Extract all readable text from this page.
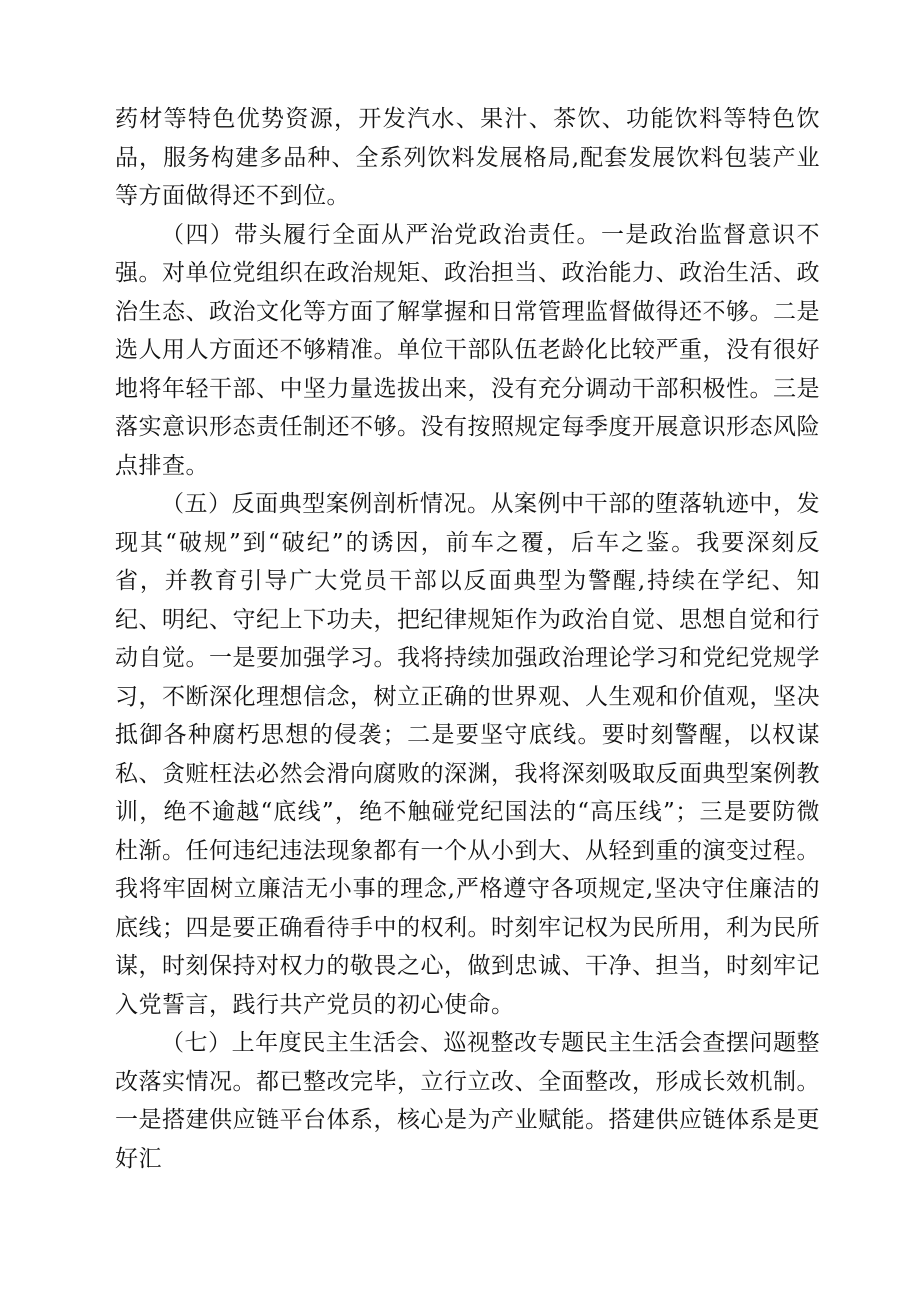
药材等特色优势资源，开发汽水、果汁、茶饮、功能饮料等特色饮品，服务构建多品种、全系列饮料发展格局,配套发展饮料包装产业等方面做得还不到位。

（四）带头履行全面从严治党政治责任。一是政治监督意识不强。对单位党组织在政治规矩、政治担当、政治能力、政治生活、政治生态、政治文化等方面了解掌握和日常管理监督做得还不够。二是选人用人方面还不够精准。单位干部队伍老龄化比较严重，没有很好地将年轻干部、中坚力量选拔出来，没有充分调动干部积极性。三是落实意识形态责任制还不够。没有按照规定每季度开展意识形态风险点排查。

（五）反面典型案例剖析情况。从案例中干部的堕落轨迹中，发现其“破规”到“破纪”的诱因，前车之覆，后车之鉴。我要深刻反省，并教育引导广大党员干部以反面典型为警醒,持续在学纪、知纪、明纪、守纪上下功夫，把纪律规矩作为政治自觉、思想自觉和行动自觉。一是要加强学习。我将持续加强政治理论学习和党纪党规学习，不断深化理想信念，树立正确的世界观、人生观和价值观，坚决抵御各种腐朽思想的侵袭；二是要坚守底线。要时刻警醒，以权谋私、贪赃枉法必然会滑向腐败的深渊，我将深刻吸取反面典型案例教训，绝不逾越“底线”，绝不触碰党纪国法的“高压线”；三是要防微杜渐。任何违纪违法现象都有一个从小到大、从轻到重的演变过程。我将牢固树立廉洁无小事的理念,严格遵守各项规定,坚决守住廉洁的底线；四是要正确看待手中的权利。时刻牢记权为民所用，利为民所谋，时刻保持对权力的敬畏之心，做到忠诚、干净、担当，时刻牢记入党誓言，践行共产党员的初心使命。

（七）上年度民主生活会、巡视整改专题民主生活会查摆问题整改落实情况。都已整改完毕，立行立改、全面整改，形成长效机制。一是搭建供应链平台体系，核心是为产业赋能。搭建供应链体系是更好汇
